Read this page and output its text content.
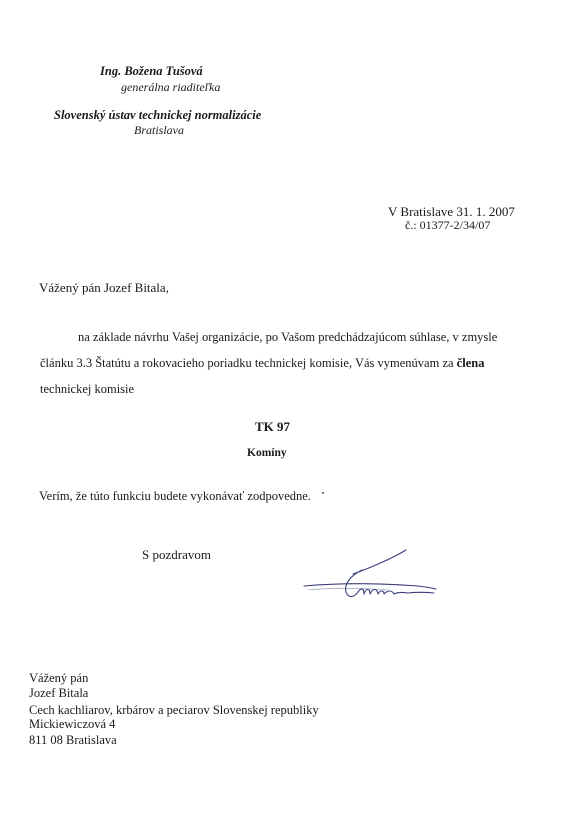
Ing. Božena Tušová
generálna riaditeľka
Slovenský ústav technickej normalizácie
Bratislava
V Bratislave 31. 1. 2007
č.: 01377-2/34/07
Vážený pán Jozef Bitala,
na základe návrhu Vašej organizácie, po Vašom predchádzajúcom súhlase, v zmysle
článku 3.3 Štatútu a rokovacieho poriadku technickej komisie, Vás vymenúvam za člena
technickej komisie
TK 97
Komíny
Verím, že túto funkciu budete vykonávať zodpovedne.
S pozdravom
Vážený pán
Jozef Bitala
Cech kachliarov, krbárov a peciarov Slovenskej republiky
Mickiewiczová 4
811 08 Bratislava
